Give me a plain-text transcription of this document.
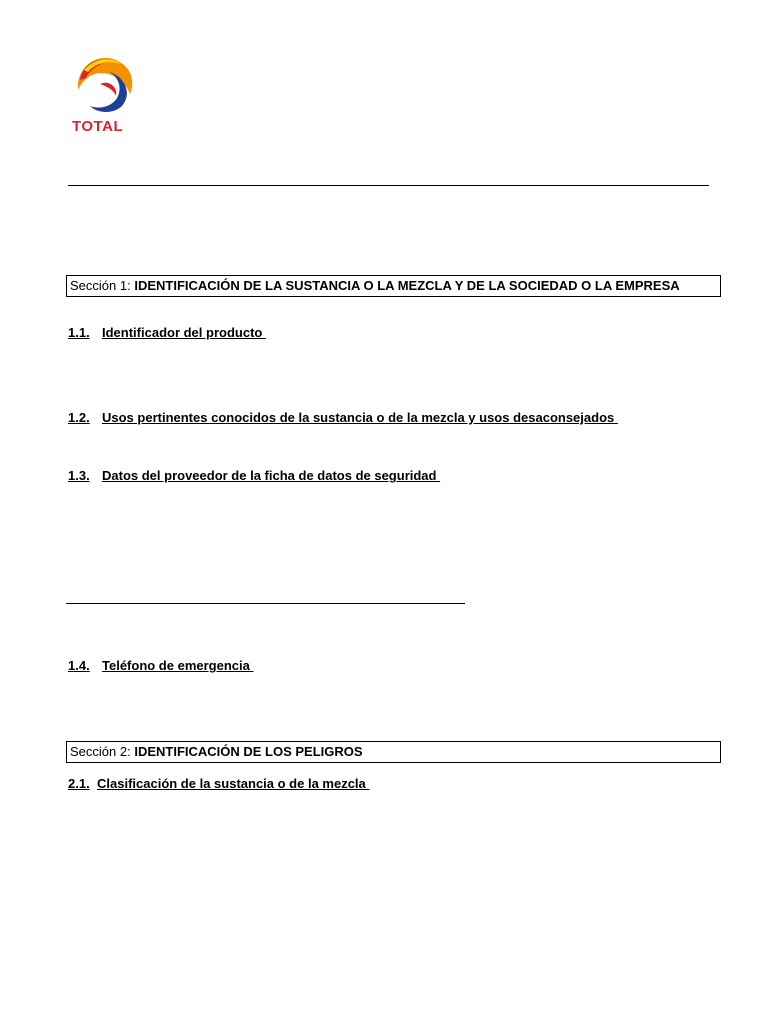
TOTAL
Sección 1: IDENTIFICACIÓN DE LA SUSTANCIA O LA MEZCLA Y DE LA SOCIEDAD O LA EMPRESA
1.1. Identificador del producto
1.2. Usos pertinentes conocidos de la sustancia o de la mezcla y usos desaconsejados
1.3. Datos del proveedor de la ficha de datos de seguridad
1.4. Teléfono de emergencia
Sección 2: IDENTIFICACIÓN DE LOS PELIGROS
2.1. Clasificación de la sustancia o de la mezcla
